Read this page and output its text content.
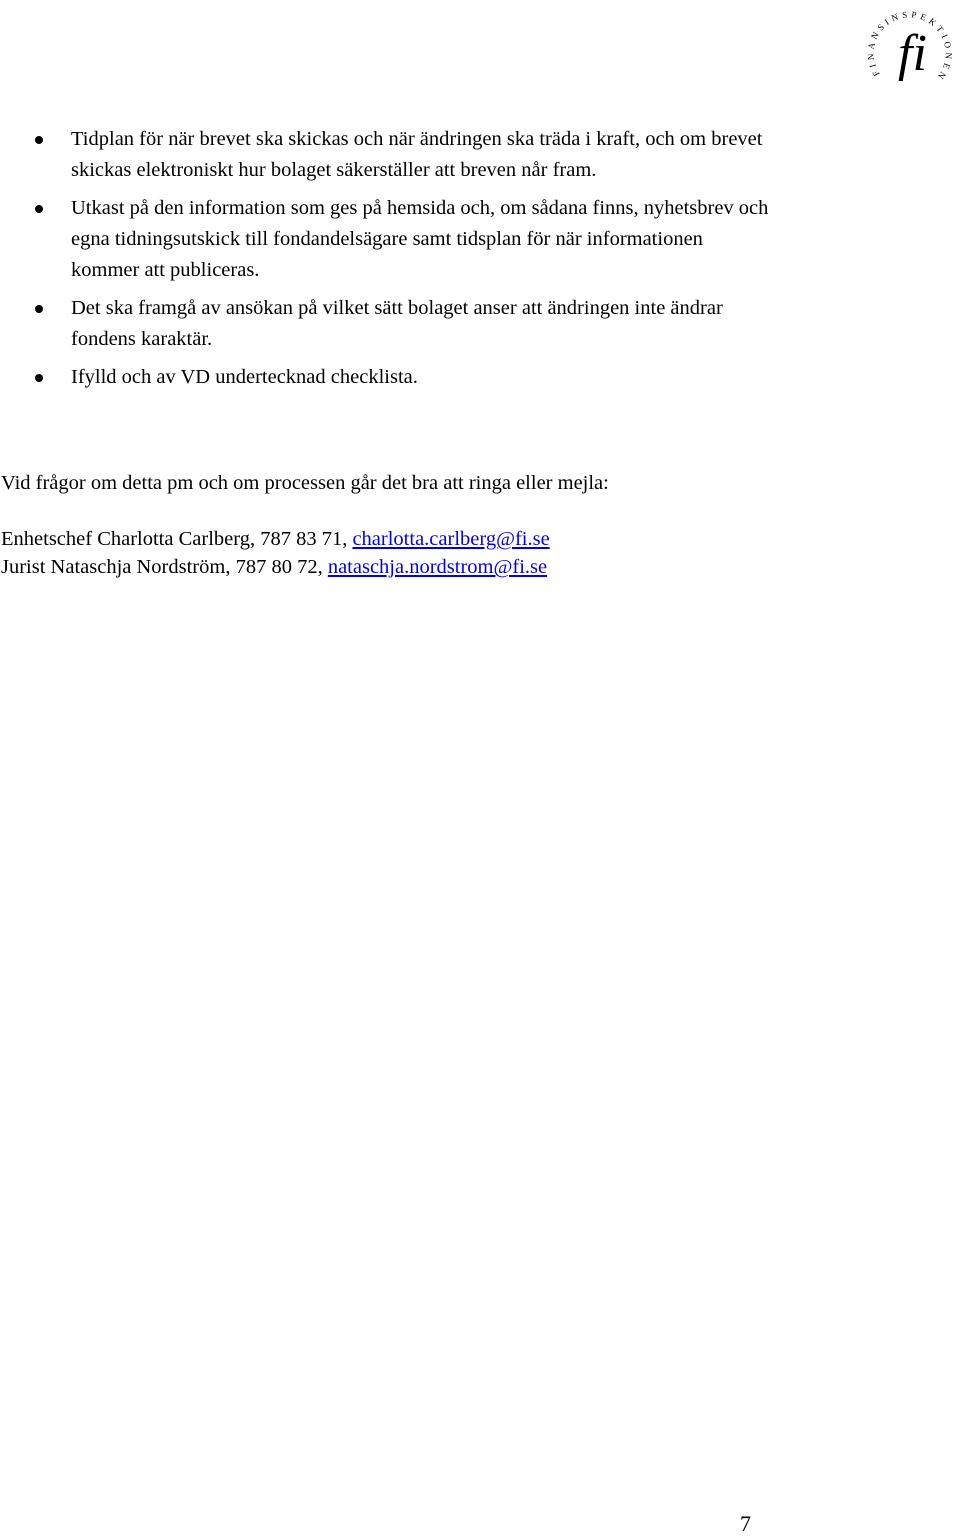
F NSINSPEKTIONEN
fi
Tidplan för när brevet ska skickas och när ändringen ska träda i kraft, och om brevet skickas elektroniskt hur bolaget säkerställer att breven når fram.
Utkast på den information som ges på hemsida och, om sådana finns, nyhetsbrev och egna tidningsutskick till fondandelsägare samt tidsplan för när informationen kommer att publiceras.
Det ska framgå av ansökan på vilket sätt bolaget anser att ändringen inte ändrar fondens karaktär.
Ifylld och av VD undertecknad checklista.

Vid frågor om detta pm och om processen går det bra att ringa eller mejla:

Enhetschef Charlotta Carlberg, 787 83 71, charlotta.carlberg@fi.se
Jurist Nataschja Nordström, 787 80 72, nataschja.nordstrom@fi.se
7
